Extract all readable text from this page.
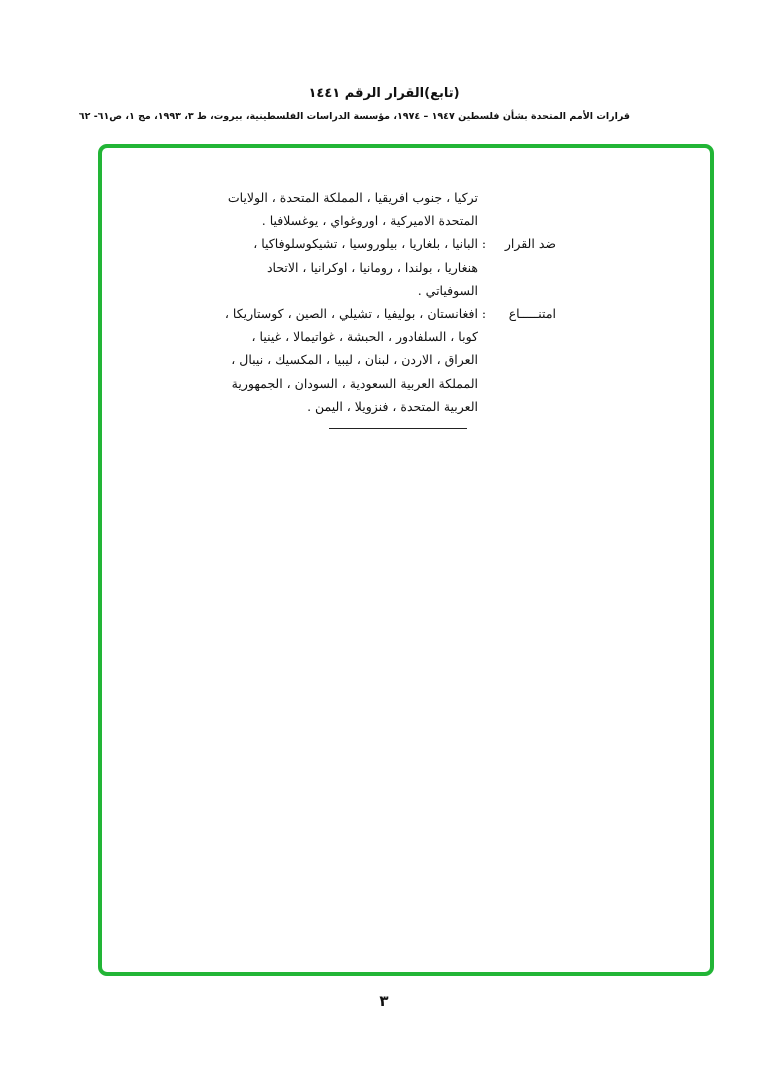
(تابع)القرار الرقم ١٤٤١
قرارات الأمم المتحدة بشأن فلسطين ١٩٤٧ – ١٩٧٤، مؤسسة الدراسات الفلسطينية، بيروت، ط ٣، ١٩٩٣، مج ١، ص٦١- ٦٢
تركيا ، جنوب افريقيا ، المملكة المتحدة ، الولايات
المتحدة الاميركية ، اوروغواي ، يوغسلافيا .
ضد القرار
:
البانيا ، بلغاريا ، بيلوروسيا ، تشيكوسلوفاكيا ،
هنغاريا ، بولندا ، رومانيا ، اوكرانيا ، الاتحاد
السوفياتي .
امتنـــــاع
:
افغانستان ، بوليفيا ، تشيلي ، الصين ، كوستاريكا ،
كوبا ، السلفادور ، الحبشة ، غواتيمالا ، غينيا ،
العراق ، الاردن ، لبنان ، ليبيا ، المكسيك ، نيبال ،
المملكة العربية السعودية ، السودان ، الجمهورية
العربية المتحدة ، فنزويلا ، اليمن .
٣
